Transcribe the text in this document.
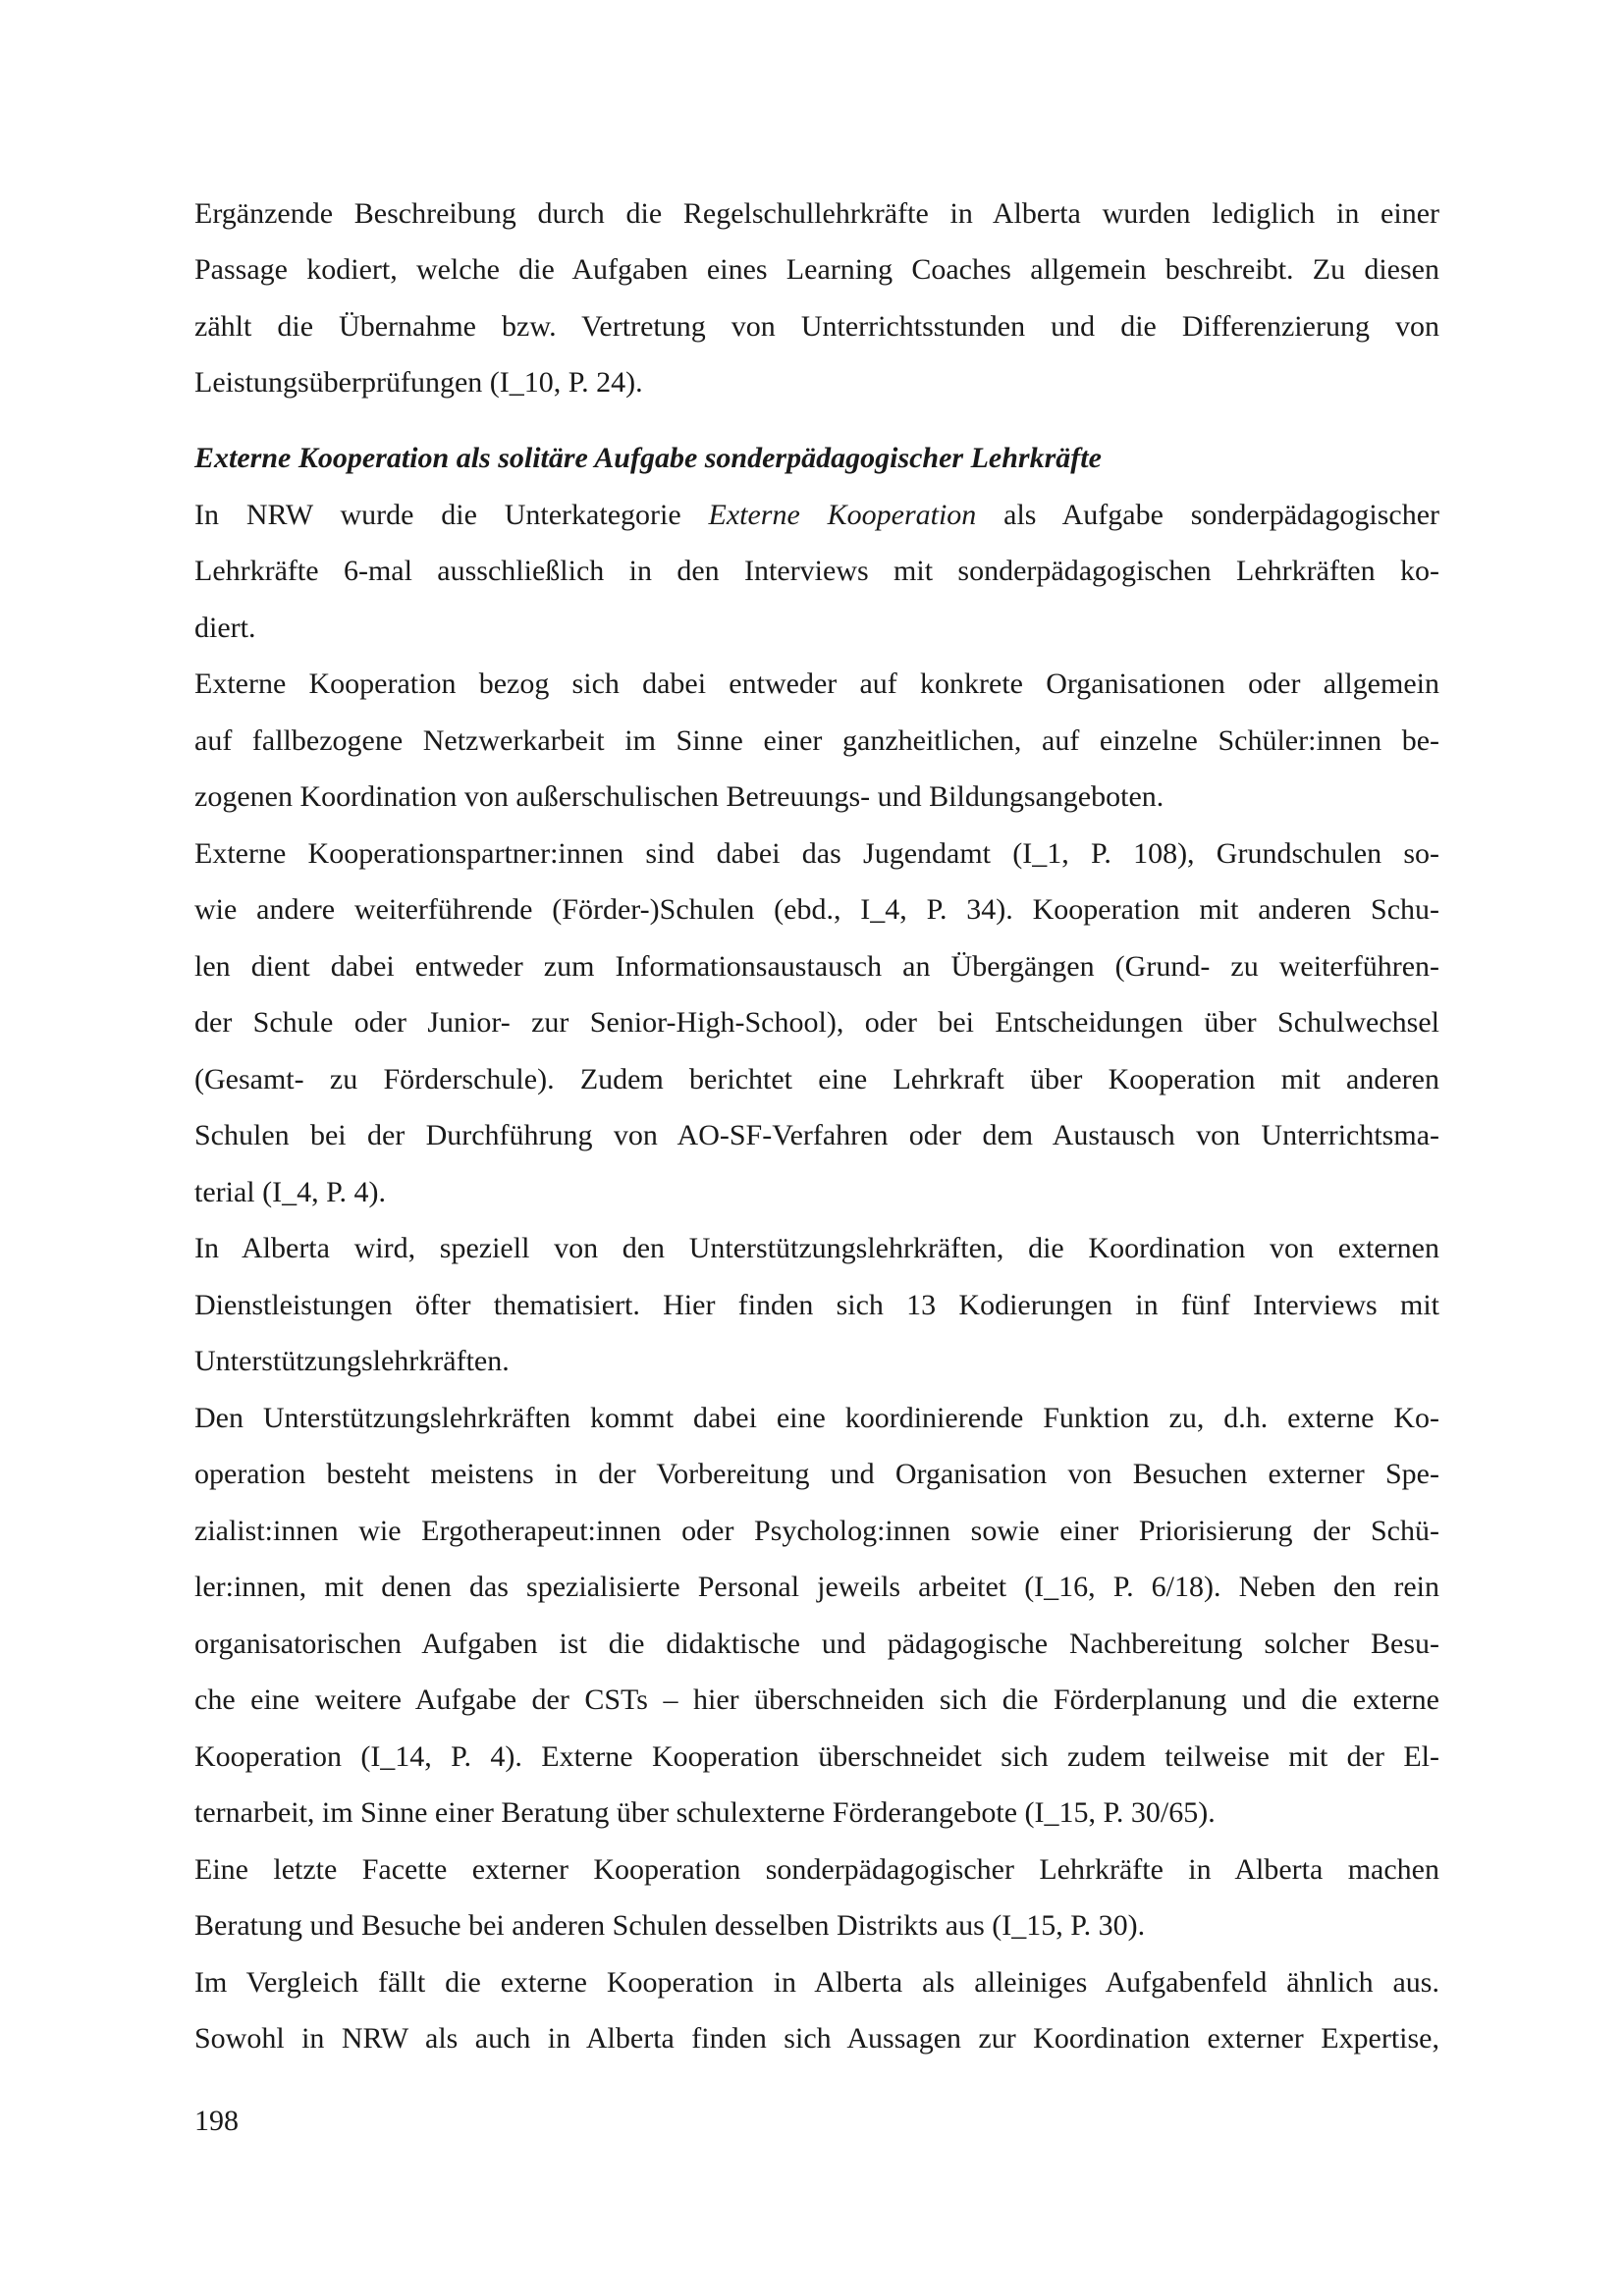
Ergänzende Beschreibung durch die Regelschullehrkräfte in Alberta wurden lediglich in einer
Passage kodiert, welche die Aufgaben eines Learning Coaches allgemein beschreibt. Zu diesen
zählt die Übernahme bzw. Vertretung von Unterrichtsstunden und die Differenzierung von
Leistungsüberprüfungen (I_10, P. 24).
Externe Kooperation als solitäre Aufgabe sonderpädagogischer Lehrkräfte
In NRW wurde die Unterkategorie Externe Kooperation als Aufgabe sonderpädagogischer
Lehrkräfte 6-mal ausschließlich in den Interviews mit sonderpädagogischen Lehrkräften ko-
diert.
Externe Kooperation bezog sich dabei entweder auf konkrete Organisationen oder allgemein
auf fallbezogene Netzwerkarbeit im Sinne einer ganzheitlichen, auf einzelne Schüler:innen be-
zogenen Koordination von außerschulischen Betreuungs- und Bildungsangeboten.
Externe Kooperationspartner:innen sind dabei das Jugendamt (I_1, P. 108), Grundschulen so-
wie andere weiterführende (Förder-)Schulen (ebd., I_4, P. 34). Kooperation mit anderen Schu-
len dient dabei entweder zum Informationsaustausch an Übergängen (Grund- zu weiterführen-
der Schule oder Junior- zur Senior-High-School), oder bei Entscheidungen über Schulwechsel
(Gesamt- zu Förderschule). Zudem berichtet eine Lehrkraft über Kooperation mit anderen
Schulen bei der Durchführung von AO-SF-Verfahren oder dem Austausch von Unterrichtsma-
terial (I_4, P. 4).
In Alberta wird, speziell von den Unterstützungslehrkräften, die Koordination von externen
Dienstleistungen öfter thematisiert. Hier finden sich 13 Kodierungen in fünf Interviews mit
Unterstützungslehrkräften.
Den Unterstützungslehrkräften kommt dabei eine koordinierende Funktion zu, d.h. externe Ko-
operation besteht meistens in der Vorbereitung und Organisation von Besuchen externer Spe-
zialist:innen wie Ergotherapeut:innen oder Psycholog:innen sowie einer Priorisierung der Schü-
ler:innen, mit denen das spezialisierte Personal jeweils arbeitet (I_16, P. 6/18). Neben den rein
organisatorischen Aufgaben ist die didaktische und pädagogische Nachbereitung solcher Besu-
che eine weitere Aufgabe der CSTs – hier überschneiden sich die Förderplanung und die externe
Kooperation (I_14, P. 4). Externe Kooperation überschneidet sich zudem teilweise mit der El-
ternarbeit, im Sinne einer Beratung über schulexterne Förderangebote (I_15, P. 30/65).
Eine letzte Facette externer Kooperation sonderpädagogischer Lehrkräfte in Alberta machen
Beratung und Besuche bei anderen Schulen desselben Distrikts aus (I_15, P. 30).
Im Vergleich fällt die externe Kooperation in Alberta als alleiniges Aufgabenfeld ähnlich aus.
Sowohl in NRW als auch in Alberta finden sich Aussagen zur Koordination externer Expertise,
198
